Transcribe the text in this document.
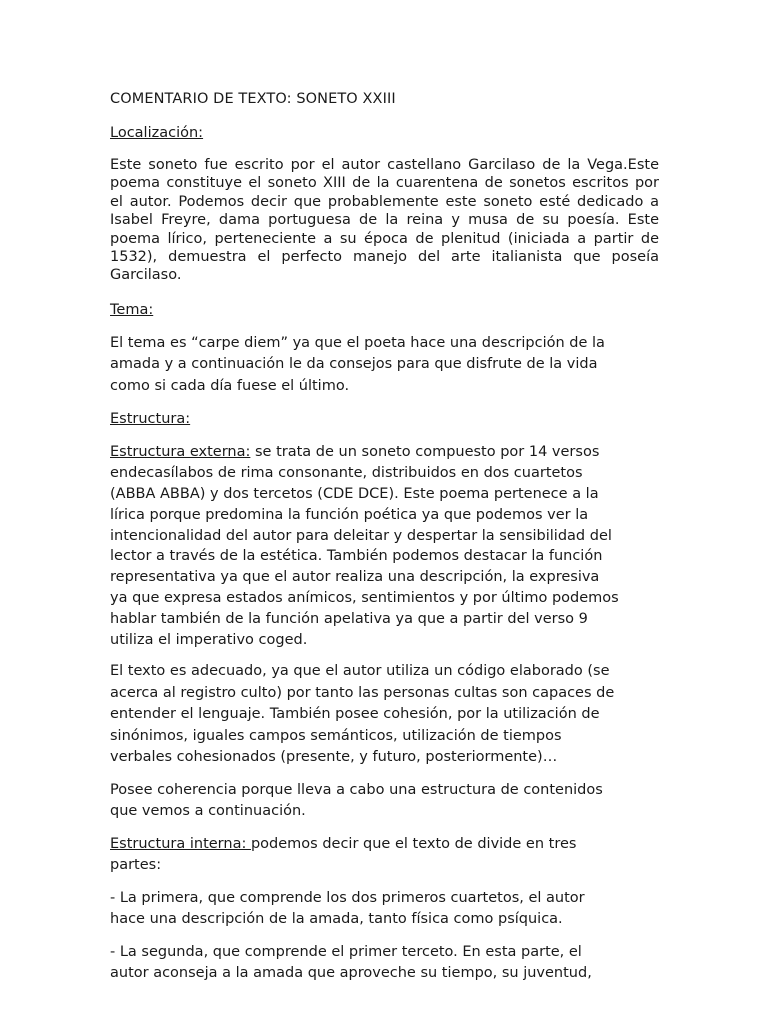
COMENTARIO DE TEXTO: SONETO XXIII
Localización:

Este soneto fue escrito por el autor castellano Garcilaso de la Vega.Este poema constituye el soneto XIII de la cuarentena de sonetos escritos por el autor. Podemos decir que probablemente este soneto esté dedicado a Isabel Freyre, dama portuguesa de la reina y musa de su poesía. Este poema lírico, perteneciente a su época de plenitud (iniciada a partir de 1532), demuestra el perfecto manejo del arte italianista que poseía Garcilaso.

Tema:

El tema es “carpe diem” ya que el poeta hace una descripción de la
amada y a continuación le da consejos para que disfrute de la vida
como si cada día fuese el último.

Estructura:

Estructura externa: se trata de un soneto compuesto por 14 versos
endecasílabos de rima consonante, distribuidos en dos cuartetos
(ABBA ABBA) y dos tercetos (CDE DCE). Este poema pertenece a la
lírica porque predomina la función poética ya que podemos ver la
intencionalidad del autor para deleitar y despertar la sensibilidad del
lector a través de la estética. También podemos destacar la función
representativa ya que el autor realiza una descripción, la expresiva
ya que expresa estados anímicos, sentimientos y por último podemos
hablar también de la función apelativa ya que a partir del verso 9
utiliza el imperativo coged.

El texto es adecuado, ya que el autor utiliza un código elaborado (se
acerca al registro culto) por tanto las personas cultas son capaces de
entender el lenguaje. También posee cohesión, por la utilización de
sinónimos, iguales campos semánticos, utilización de tiempos
verbales cohesionados (presente, y futuro, posteriormente)…

Posee coherencia porque lleva a cabo una estructura de contenidos
que vemos a continuación.

Estructura interna: podemos decir que el texto de divide en tres
partes:

- La primera, que comprende los dos primeros cuartetos, el autor
hace una descripción de la amada, tanto física como psíquica.

- La segunda, que comprende el primer terceto. En esta parte, el
autor aconseja a la amada que aproveche su tiempo, su juventud,
